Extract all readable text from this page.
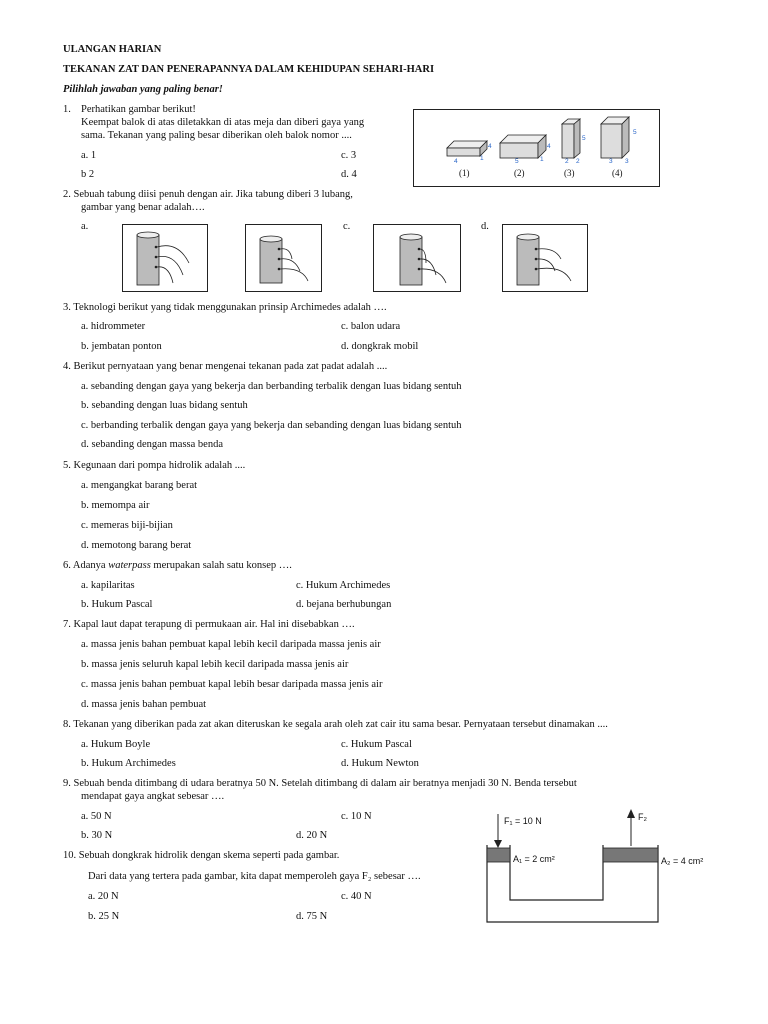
ULANGAN HARIAN
TEKANAN ZAT DAN PENERAPANNYA DALAM KEHIDUPAN SEHARI-HARI
Pilihlah jawaban yang paling benar!
1. Perhatikan gambar berikut!
Keempat balok di atas diletakkan di atas meja dan diberi gaya yang
sama. Tekanan yang paling besar diberikan oleh balok nomor ....
a. 1	c. 3
b 2	d. 4
4	1
4
5	1
4
2 2
5
3 3
5
(1)	(2)	(3)	(4)
2. Sebuah tabung diisi penuh dengan air. Jika tabung diberi 3 lubang,
gambar yang benar adalah….
a.	c.	d.
3. Teknologi berikut yang tidak menggunakan prinsip Archimedes adalah ….
a. hidrommeter	c. balon udara
b. jembatan ponton	d. dongkrak mobil
4. Berikut pernyataan yang benar mengenai tekanan pada zat padat adalah ....
a. sebanding dengan gaya yang bekerja dan berbanding terbalik dengan luas bidang sentuh
b. sebanding dengan luas bidang sentuh
c. berbanding terbalik dengan gaya yang bekerja dan sebanding dengan luas bidang sentuh
d. sebanding dengan massa benda
5. Kegunaan dari pompa hidrolik adalah ....
a. mengangkat barang berat
b. memompa air
c. memeras biji-bijian
d. memotong barang berat
6. Adanya waterpass merupakan salah satu konsep ….
a. kapilaritas	c. Hukum Archimedes
b. Hukum Pascal	d. bejana berhubungan
7. Kapal laut dapat terapung di permukaan air. Hal ini disebabkan ….
a. massa jenis bahan pembuat kapal lebih kecil daripada massa jenis air
b. massa jenis seluruh kapal lebih kecil daripada massa jenis air
c. massa jenis bahan pembuat kapal lebih besar daripada massa jenis air
d. massa jenis bahan pembuat
8. Tekanan yang diberikan pada zat akan diteruskan ke segala arah oleh zat cair itu sama besar. Pernyataan tersebut dinamakan ....
a. Hukum Boyle	c. Hukum Pascal
b. Hukum Archimedes	d. Hukum Newton
9. Sebuah benda ditimbang di udara beratnya 50 N. Setelah ditimbang di dalam air beratnya menjadi 30 N. Benda tersebut
mendapat gaya angkat sebesar ….
a. 50 N	c. 10 N
b. 30 N	d. 20 N
10. Sebuah dongkrak hidrolik dengan skema seperti pada gambar.
Dari data yang tertera pada gambar, kita dapat memperoleh gaya F₂ sebesar ….
a. 20 N	c. 40 N
b. 25 N	d. 75 N
F₁ = 10 N	F₂
A₁ = 2 cm²	A₂ = 4 cm²
